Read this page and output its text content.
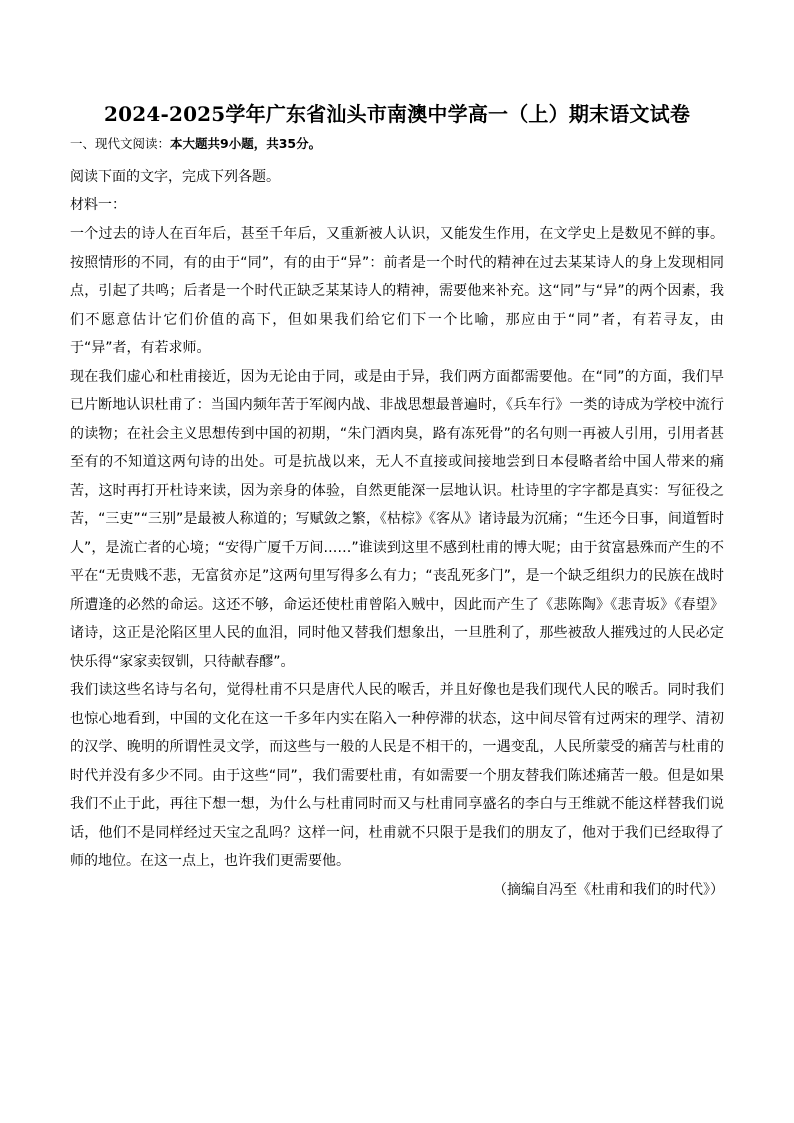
2024-2025学年广东省汕头市南澳中学高一（上）期末语文试卷

一、现代文阅读：本大题共9小题，共35分。

阅读下面的文字，完成下列各题。

材料一：

一个过去的诗人在百年后，甚至千年后，又重新被人认识，又能发生作用，在文学史上是数见不鲜的事。按照情形的不同，有的由于“同”，有的由于“异”：前者是一个时代的精神在过去某某诗人的身上发现相同点，引起了共鸣；后者是一个时代正缺乏某某诗人的精神，需要他来补充。这“同”与“异”的两个因素，我们不愿意估计它们价值的高下，但如果我们给它们下一个比喻，那应由于“同”者，有若寻友，由于“异”者，有若求师。

现在我们虚心和杜甫接近，因为无论由于同，或是由于异，我们两方面都需要他。在“同”的方面，我们早已片断地认识杜甫了：当国内频年苦于军阀内战、非战思想最普遍时，《兵车行》一类的诗成为学校中流行的读物；在社会主义思想传到中国的初期，“朱门酒肉臭，路有冻死骨”的名句则一再被人引用，引用者甚至有的不知道这两句诗的出处。可是抗战以来，无人不直接或间接地尝到日本侵略者给中国人带来的痛苦，这时再打开杜诗来读，因为亲身的体验，自然更能深一层地认识。杜诗里的字字都是真实：写征役之苦，“三吏”“三别”是最被人称道的；写赋敛之繁，《枯棕》《客从》诸诗最为沉痛；“生还今日事，间道暂时人”，是流亡者的心境；“安得广厦千万间……”谁读到这里不感到杜甫的博大呢；由于贫富悬殊而产生的不平在“无贵贱不悲，无富贫亦足”这两句里写得多么有力；“丧乱死多门”，是一个缺乏组织力的民族在战时所遭逢的必然的命运。这还不够，命运还使杜甫曾陷入贼中，因此而产生了《悲陈陶》《悲青坂》《春望》诸诗，这正是沦陷区里人民的血泪，同时他又替我们想象出，一旦胜利了，那些被敌人摧残过的人民必定快乐得“家家卖钗钏，只待献春醪”。

我们读这些名诗与名句，觉得杜甫不只是唐代人民的喉舌，并且好像也是我们现代人民的喉舌。同时我们也惊心地看到，中国的文化在这一千多年内实在陷入一种停滞的状态，这中间尽管有过两宋的理学、清初的汉学、晚明的所谓性灵文学，而这些与一般的人民是不相干的，一遇变乱，人民所蒙受的痛苦与杜甫的时代并没有多少不同。由于这些“同”，我们需要杜甫，有如需要一个朋友替我们陈述痛苦一般。但是如果我们不止于此，再往下想一想，为什么与杜甫同时而又与杜甫同享盛名的李白与王维就不能这样替我们说话，他们不是同样经过天宝之乱吗？这样一问，杜甫就不只限于是我们的朋友了，他对于我们已经取得了师的地位。在这一点上，也许我们更需要他。

（摘编自冯至《杜甫和我们的时代》）
